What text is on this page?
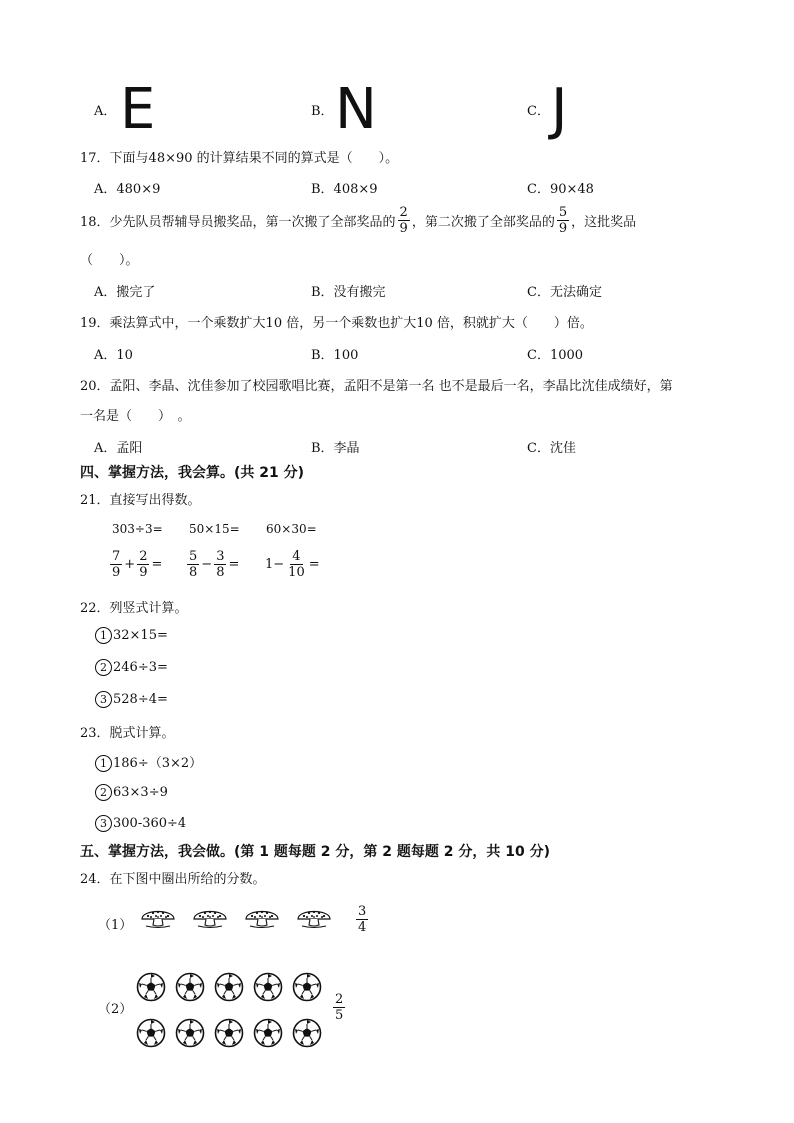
A． E	B． N	C． J
17．下面与48×90 的计算结果不同的算式是（　　）。
A．480×9	B．408×9	C．90×48
18．少先队员帮辅导员搬奖品，第一次搬了全部奖品的 $\frac{2}{9}$ ，第二次搬了全部奖品的 $\frac{5}{9}$ ，这批奖品
（　　）。
A．搬完了	B．没有搬完	C．无法确定
19．乘法算式中，一个乘数扩大10 倍，另一个乘数也扩大10 倍，积就扩大（　　）倍。
A．10	B．100	C．1000
20．孟阳、李晶、沈佳参加了校园歌唱比赛，孟阳不是第一名 也不是最后一名，李晶比沈佳成绩好，第
一名是（　　）　。
A．孟阳	B．李晶	C．沈佳
四、掌握方法，我会算。(共 21 分)
21．直接写出得数。
303÷3= 50×15= 60×30=
$\frac{7}{9} + \frac{2}{9} = \frac{5}{8} - \frac{3}{8} = 1- \frac{4}{10}$ =
22．列竖式计算。
1 32×15=
2 246÷3=
3 528÷4=
23．脱式计算。
1 186÷（3×2）
2 63×3÷9
3 300-360÷4
五、掌握方法，我会做。(第 1 题每题 2 分，第 2 题每题 2 分，共 10 分)
24．在下图中圈出所给的分数。
（1）	$\frac{3}{4}$
（2）	$\frac{2}{5}$
